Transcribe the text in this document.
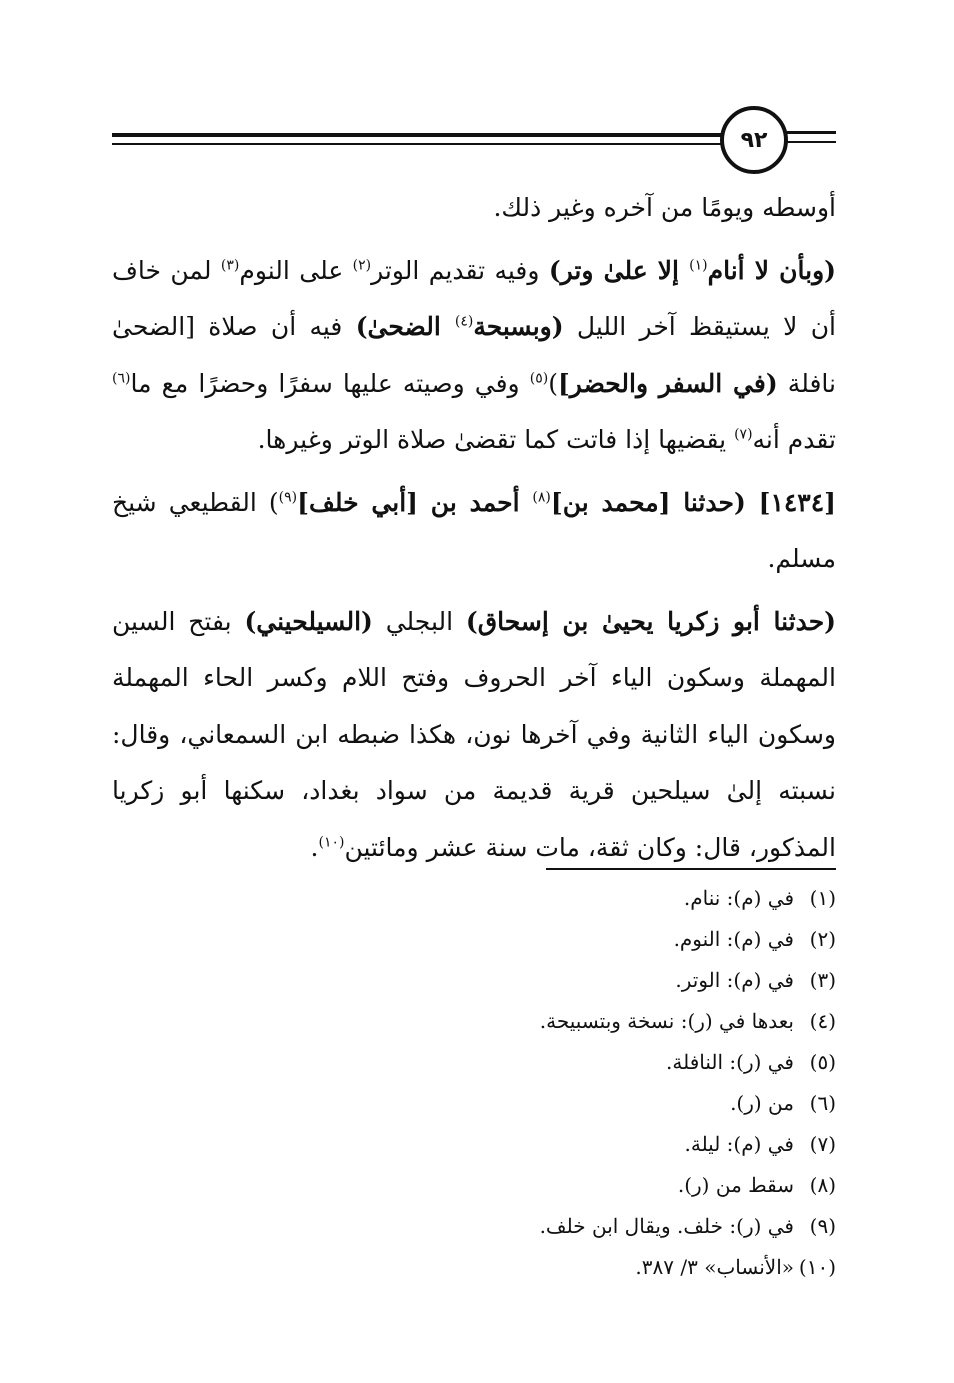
٩٢

أوسطه ويومًا من آخره وغير ذلك.

(وبأن لا أنام$^{(١)}$ إلا علىٰ وتر) وفيه تقديم الوتر$^{(٢)}$ على النوم$^{(٣)}$ لمن خاف أن لا يستيقظ آخر الليل (وبسبحة$^{(٤)}$ الضحىٰ) فيه أن صلاة [الضحىٰ نافلة (في السفر والحضر])$^{(٥)}$ وفي وصيته عليها سفرًا وحضرًا مع ما$^{(٦)}$ تقدم أنه$^{(٧)}$ يقضيها إذا فاتت كما تقضىٰ صلاة الوتر وغيرها.

[١٤٣٤] (حدثنا [محمد بن]$^{(٨)}$ أحمد بن [أبي خلف]$^{(٩)}$) القطيعي شيخ مسلم.

(حدثنا أبو زكريا يحيىٰ بن إسحاق) البجلي (السيلحيني) بفتح السين المهملة وسكون الياء آخر الحروف وفتح اللام وكسر الحاء المهملة وسكون الياء الثانية وفي آخرها نون، هكذا ضبطه ابن السمعاني، وقال: نسبته إلىٰ سيلحين قرية قديمة من سواد بغداد، سكنها أبو زكريا المذكور، قال: وكان ثقة، مات سنة عشر ومائتين$^{(١٠)}$.

(١)في (م): ننام.
(٢)في (م): النوم.
(٣)في (م): الوتر.
(٤)بعدها في (ر): نسخة وبتسبيحة.
(٥)في (ر): النافلة.
(٦)من (ر).
(٧)في (م): ليلة.
(٨)سقط من (ر).
(٩)في (ر): خلف. ويقال ابن خلف.
(١٠)«الأنساب» ٣/ ٣٨٧.
